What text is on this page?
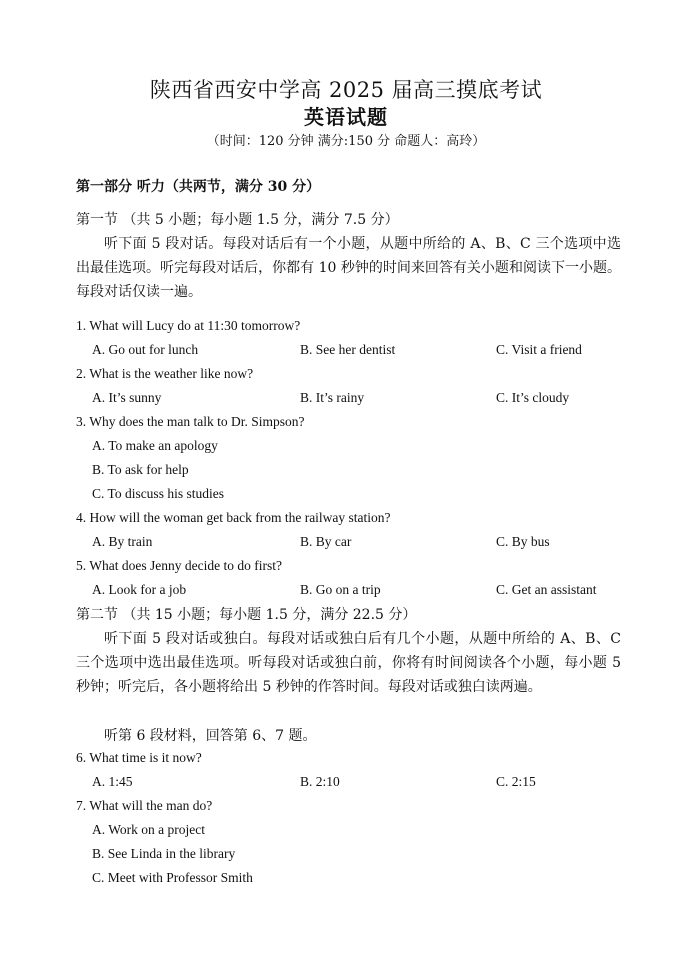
陕西省西安中学高 2025 届高三摸底考试
英语试题
（时间：120 分钟 满分:150 分 命题人：高玲）
第一部分 听力（共两节，满分 30 分）
第一节 （共 5 小题；每小题 1.5 分，满分 7.5 分）
听下面 5 段对话。每段对话后有一个小题，从题中所给的 A、B、C 三个选项中选出最佳选项。听完每段对话后，你都有 10 秒钟的时间来回答有关小题和阅读下一小题。每段对话仅读一遍。
1. What will Lucy do at 11:30 tomorrow?
A. Go out for lunch	B. See her dentist	C. Visit a friend
2. What is the weather like now?
A. It’s sunny	B. It’s rainy	C. It’s cloudy
3. Why does the man talk to Dr. Simpson?
A. To make an apology
B. To ask for help
C. To discuss his studies
4. How will the woman get back from the railway station?
A. By train	B. By car	C. By bus
5. What does Jenny decide to do first?
A. Look for a job	B. Go on a trip	C. Get an assistant
第二节 （共 15 小题；每小题 1.5 分，满分 22.5 分）
听下面 5 段对话或独白。每段对话或独白后有几个小题，从题中所给的 A、B、C 三个选项中选出最佳选项。听每段对话或独白前，你将有时间阅读各个小题，每小题 5 秒钟；听完后，各小题将给出 5 秒钟的作答时间。每段对话或独白读两遍。
听第 6 段材料，回答第 6、7 题。
6. What time is it now?
A. 1:45	B. 2:10	C. 2:15
7. What will the man do?
A. Work on a project
B. See Linda in the library
C. Meet with Professor Smith
